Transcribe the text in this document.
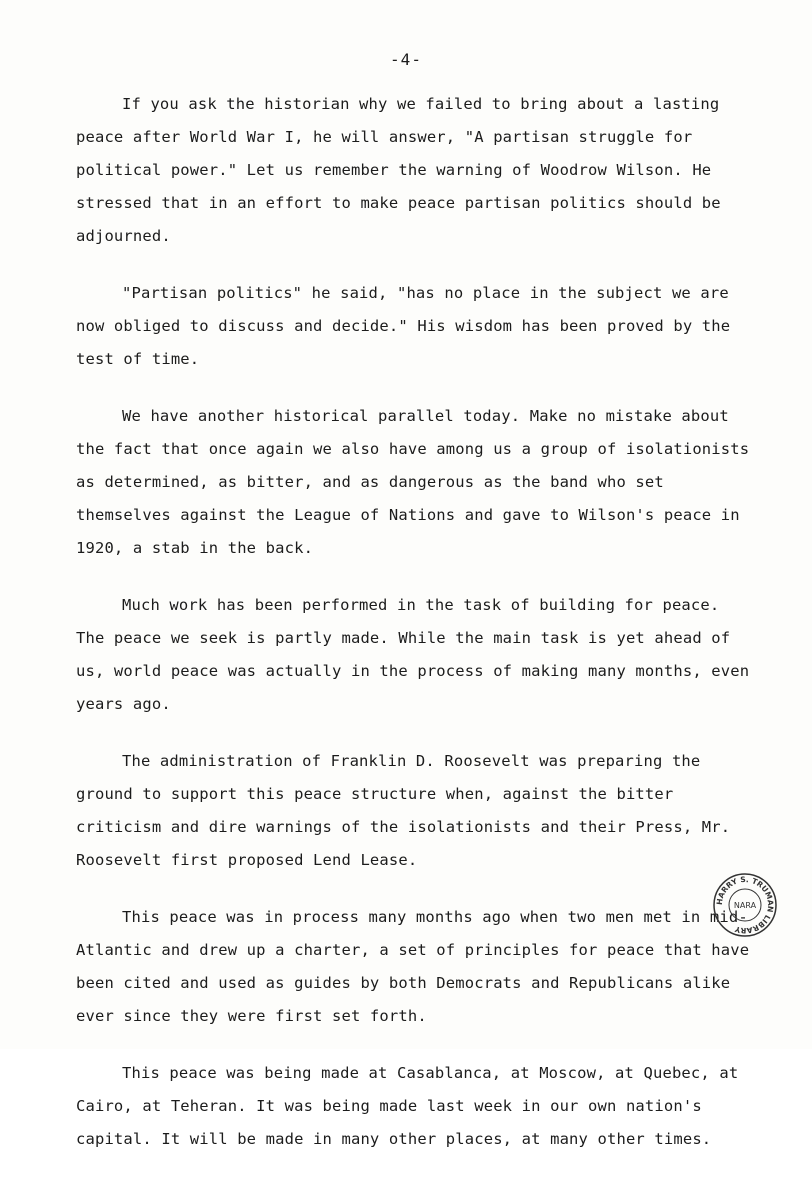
-4-

If you ask the historian why we failed to bring about a lasting peace after World War I, he will answer, "A partisan struggle for political power." Let us remember the warning of Woodrow Wilson. He stressed that in an effort to make peace partisan politics should be adjourned.

"Partisan politics" he said, "has no place in the subject we are now obliged to discuss and decide." His wisdom has been proved by the test of time.

We have another historical parallel today. Make no mistake about the fact that once again we also have among us a group of isolationists as determined, as bitter, and as dangerous as the band who set themselves against the League of Nations and gave to Wilson's peace in 1920, a stab in the back.

Much work has been performed in the task of building for peace. The peace we seek is partly made. While the main task is yet ahead of us, world peace was actually in the process of making many months, even years ago.

The administration of Franklin D. Roosevelt was preparing the ground to support this peace structure when, against the bitter criticism and dire warnings of the isolationists and their Press, Mr. Roosevelt first proposed Lend Lease.

This peace was in process many months ago when two men met in mid-Atlantic and drew up a charter, a set of principles for peace that have been cited and used as guides by both Democrats and Republicans alike ever since they were first set forth.

This peace was being made at Casablanca, at Moscow, at Quebec, at Cairo, at Teheran. It was being made last week in our own nation's capital. It will be made in many other places, at many other times.

HARRY S. TRUMAN LIBRARY
NARA
